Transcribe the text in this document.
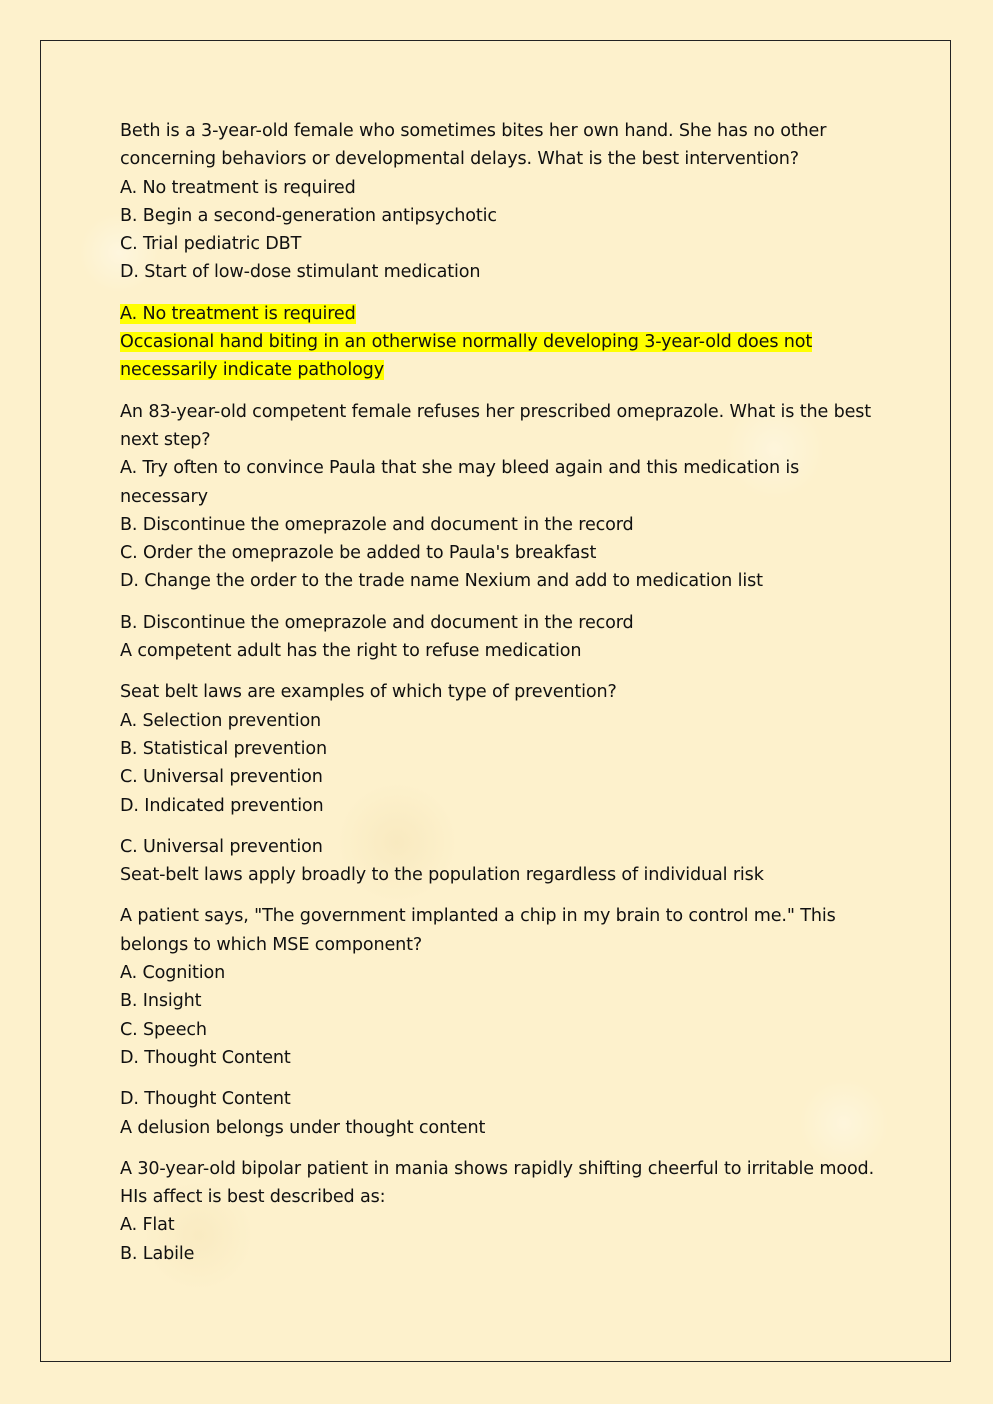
Beth is a 3-year-old female who sometimes bites her own hand. She has no other concerning behaviors or developmental delays. What is the best intervention?
A. No treatment is required
B. Begin a second-generation antipsychotic
C. Trial pediatric DBT
D. Start of low-dose stimulant medication
A. No treatment is required
Occasional hand biting in an otherwise normally developing 3-year-old does not necessarily indicate pathology
An 83-year-old competent female refuses her prescribed omeprazole. What is the best next step?
A. Try often to convince Paula that she may bleed again and this medication is necessary
B. Discontinue the omeprazole and document in the record
C. Order the omeprazole be added to Paula's breakfast
D. Change the order to the trade name Nexium and add to medication list
B. Discontinue the omeprazole and document in the record
A competent adult has the right to refuse medication
Seat belt laws are examples of which type of prevention?
A. Selection prevention
B. Statistical prevention
C. Universal prevention
D. Indicated prevention
C. Universal prevention
Seat-belt laws apply broadly to the population regardless of individual risk
A patient says, "The government implanted a chip in my brain to control me." This belongs to which MSE component?
A. Cognition
B. Insight
C. Speech
D. Thought Content
D. Thought Content
A delusion belongs under thought content
A 30-year-old bipolar patient in mania shows rapidly shifting cheerful to irritable mood. HIs affect is best described as:
A. Flat
B. Labile
